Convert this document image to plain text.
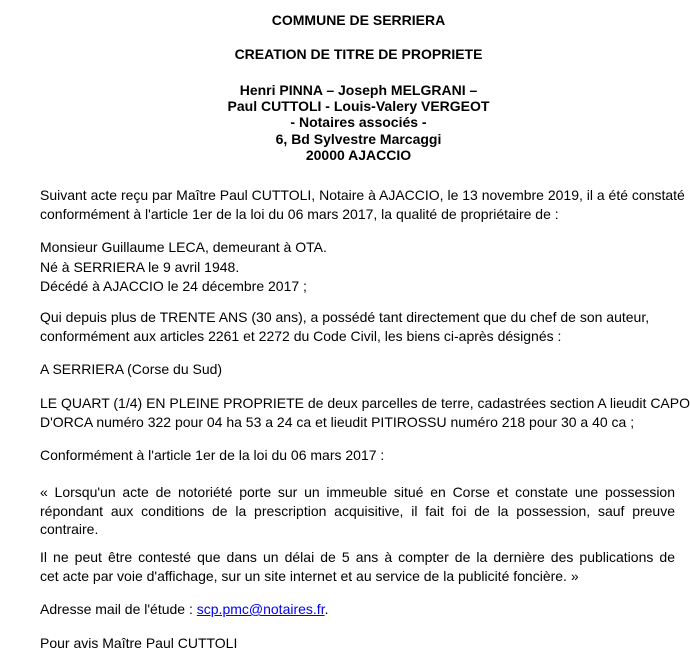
COMMUNE DE SERRIERA
CREATION DE TITRE DE PROPRIETE
Henri PINNA – Joseph MELGRANI –
Paul CUTTOLI - Louis-Valery VERGEOT
- Notaires associés -
6, Bd Sylvestre Marcaggi
20000 AJACCIO
Suivant acte reçu par Maître Paul CUTTOLI, Notaire à AJACCIO, le 13 novembre 2019, il a été constaté
conformément à l'article 1er de la loi du 06 mars 2017, la qualité de propriétaire de :
Monsieur Guillaume LECA, demeurant à OTA.
Né à SERRIERA le 9 avril 1948.
Décédé à AJACCIO le 24 décembre 2017 ;
Qui depuis plus de TRENTE ANS (30 ans), a possédé tant directement que du chef de son auteur,
conformément aux articles 2261 et 2272 du Code Civil, les biens ci-après désignés :
A SERRIERA (Corse du Sud)
LE QUART (1/4) EN PLEINE PROPRIETE de deux parcelles de terre, cadastrées section A lieudit CAPO
D'ORCA numéro 322 pour 04 ha 53 a 24 ca et lieudit PITIROSSU numéro 218 pour 30 a 40 ca ;
Conformément à l'article 1er de la loi du 06 mars 2017 :
« Lorsqu'un acte de notoriété porte sur un immeuble situé en Corse et constate une possession
répondant aux conditions de la prescription acquisitive, il fait foi de la possession, sauf preuve
contraire.
Il ne peut être contesté que dans un délai de 5 ans à compter de la dernière des publications de
cet acte par voie d'affichage, sur un site internet et au service de la publicité foncière. »
Adresse mail de l'étude : scp.pmc@notaires.fr.
Pour avis Maître Paul CUTTOLI
